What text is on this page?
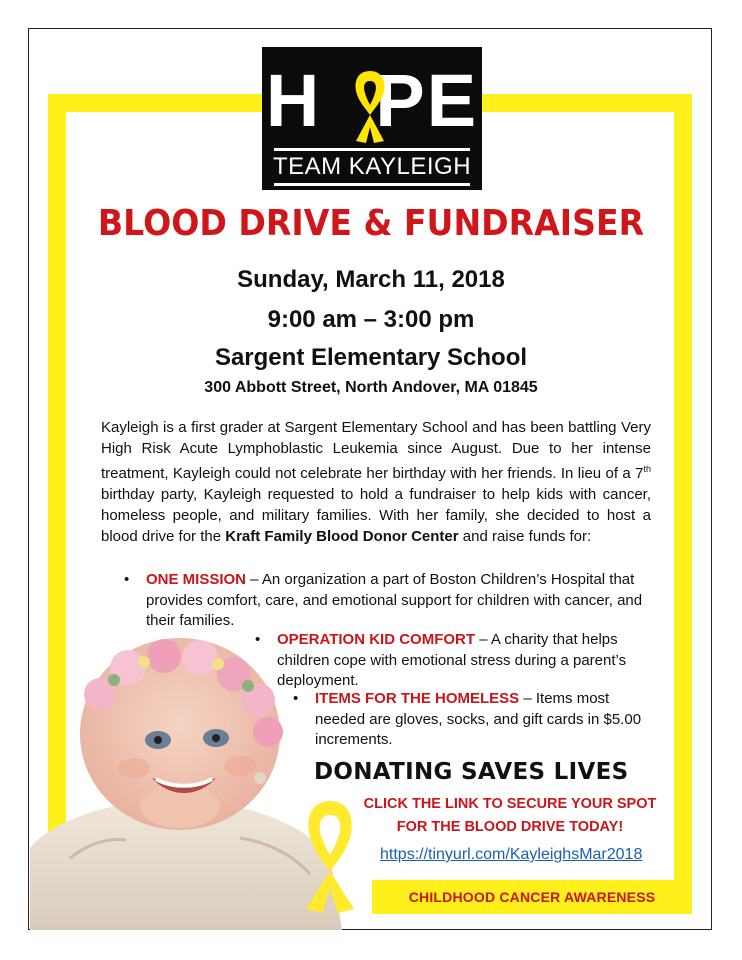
H PE
TEAM KAYLEIGH
BLOOD DRIVE & FUNDRAISER
Sunday, March 11, 2018
9:00 am – 3:00 pm
Sargent Elementary School
300 Abbott Street, North Andover, MA 01845
Kayleigh is a first grader at Sargent Elementary School and has been battling Very High Risk Acute Lymphoblastic Leukemia since August. Due to her intense treatment, Kayleigh could not celebrate her birthday with her friends. In lieu of a 7th birthday party, Kayleigh requested to hold a fundraiser to help kids with cancer, homeless people, and military families. With her family, she decided to host a blood drive for the Kraft Family Blood Donor Center and raise funds for:
• ONE MISSION – An organization a part of Boston Children’s Hospital that provides comfort, care, and emotional support for children with cancer, and their families.
• OPERATION KID COMFORT – A charity that helps children cope with emotional stress during a parent’s deployment.
• ITEMS FOR THE HOMELESS – Items most needed are gloves, socks, and gift cards in $5.00 increments.
DONATING SAVES LIVES
CLICK THE LINK TO SECURE YOUR SPOT
FOR THE BLOOD DRIVE TODAY!
https://tinyurl.com/KayleighsMar2018
CHILDHOOD CANCER AWARENESS
